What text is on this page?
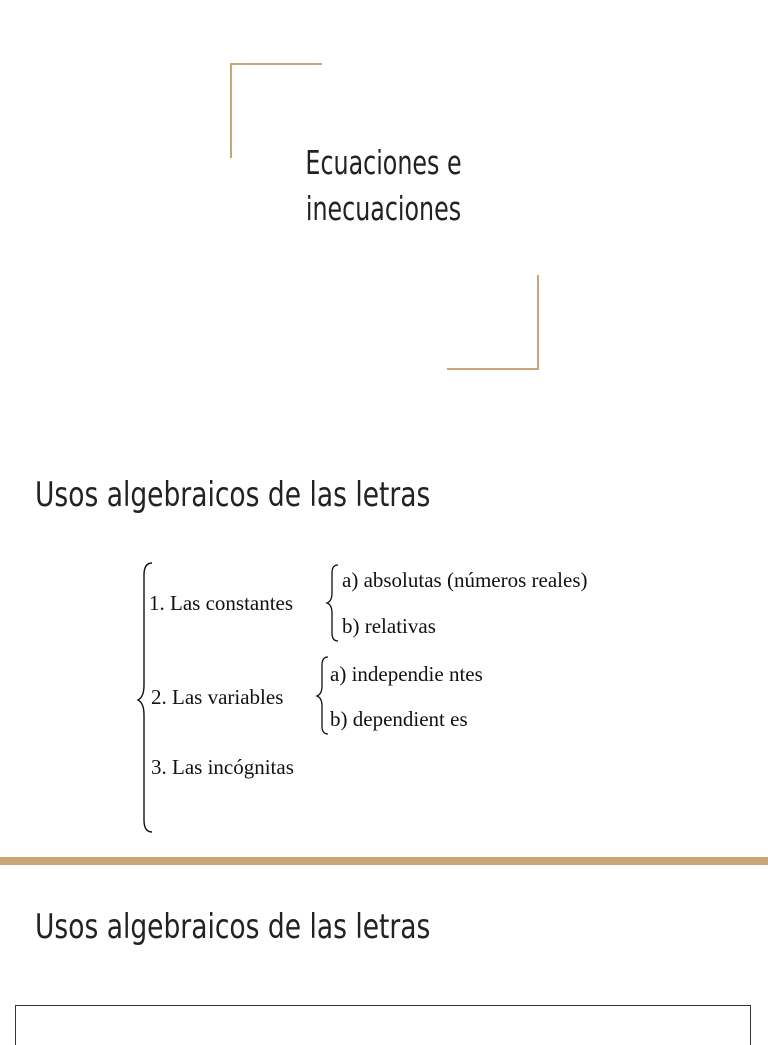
Ecuaciones e
inecuaciones
Usos algebraicos de las letras
1. Las constantes
a) absolutas (números reales)
b) relativas
2. Las variables
a) independie ntes
b) dependient es
3. Las incógnitas
Usos algebraicos de las letras
